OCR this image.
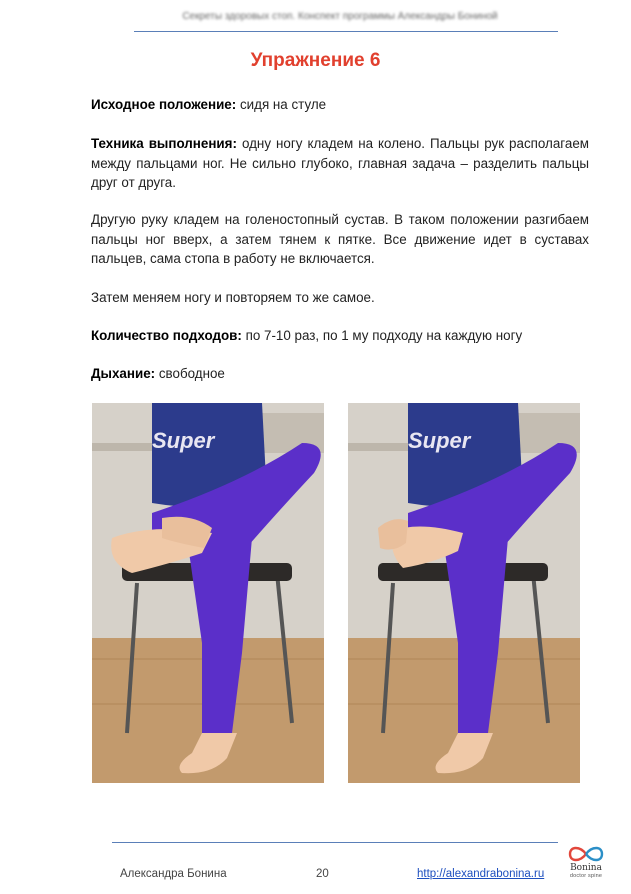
Секреты здоровых стоп. Конспект программы Александры Бониной
Упражнение 6
Исходное положение: сидя на стуле
Техника выполнения: одну ногу кладем на колено. Пальцы рук располагаем между пальцами ног. Не сильно глубоко, главная задача – разделить пальцы друг от друга.
Другую руку кладем на голеностопный сустав. В таком положении разгибаем пальцы ног вверх, а затем тянем к пятке. Все движение идет в суставах пальцев, сама стопа в работу не включается.
Затем меняем ногу и повторяем то же самое.
Количество подходов: по 7-10 раз, по 1 му подходу на каждую ногу
Дыхание: свободное
Super	Super
Александра Бонина	20	http://alexandrabonina.ru	Bonina
doctor spine
